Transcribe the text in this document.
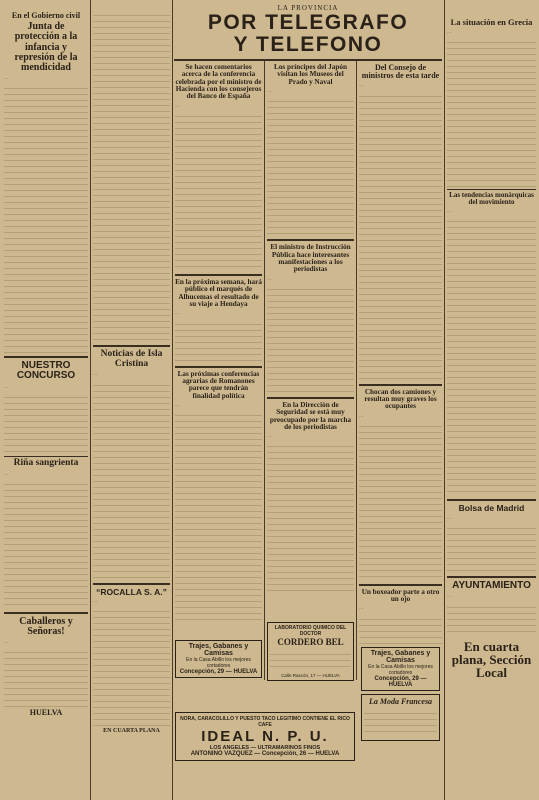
En el Gobierno civil
Junta de protección a la infancia y represión de la mendicidad
…
NUESTRO CONCURSO
…
Riña sangrienta
…
Caballeros y Señoras!
…
HUELVA
Noticias de Isla Cristina
…
“ROCALLA S. A.”
…
EN CUARTA PLANA
LA PROVINCIA
POR TELEGRAFO
Y TELEFONO
Se hacen comentarios acerca de la conferencia celebrada por el ministro de Hacienda con los consejeros del Banco de España
…
En la próxima semana, hará público el marqués de Alhucemas el resultado de su viaje a Hendaya
…
Las próximas conferencias agrarias de Romanones parece que tendrán finalidad política
…
Los príncipes del Japón visitan los Museos del Prado y Naval
…
El ministro de Instrucción Pública hace interesantes manifestaciones a los periodistas
…
En la Dirección de Seguridad se está muy preocupado por la marcha de los periodistas
…
Del Consejo de ministros de esta tarde
…
Chocan dos camiones y resultan muy graves los ocupantes
…
Un boxeador parte a otro un ojo
…
Trajes, Gabanes y Camisas
En la Casa Abillo los mejores cortadores
Concepción, 29 — HUELVA
La Moda Francesa
LABORATORIO QUIMICO DEL DOCTOR
CORDERO BEL
Calle Rascón, 17 — HUELVA
Trajes, Gabanes y Camisas
En la Casa Abillo los mejores cortadores
Concepción, 29 — HUELVA
NORA, CARACOLILLO Y PUESTO TACO LEGITIMO CONTIENE EL RICO CAFE
IDEAL N. P. U.
LOS ANGELES — ULTRAMARINOS FINOS
ANTONINO VAZQUEZ — Concepción, 26 — HUELVA
La situación en Grecia
…
Las tendencias monárquicas del movimiento
…
Bolsa de Madrid
…
AYUNTAMIENTO
…
En cuarta plana, Sección Local
